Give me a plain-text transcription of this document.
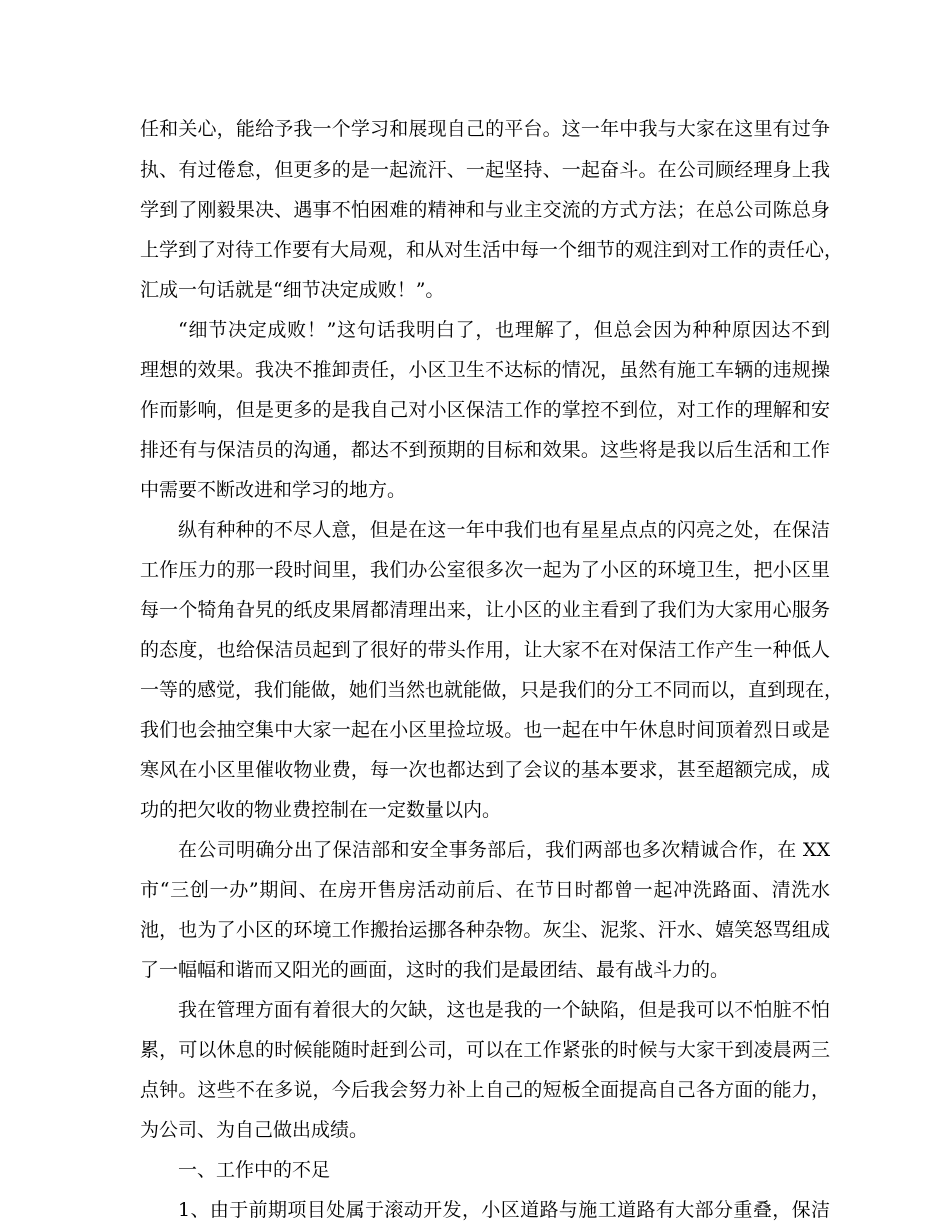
任和关心，能给予我一个学习和展现自己的平台。这一年中我与大家在这里有过争
执、有过倦怠，但更多的是一起流汗、一起坚持、一起奋斗。在公司顾经理身上我
学到了刚毅果决、遇事不怕困难的精神和与业主交流的方式方法；在总公司陈总身
上学到了对待工作要有大局观，和从对生活中每一个细节的观注到对工作的责任心，
汇成一句话就是“细节决定成败！”。
“细节决定成败！”这句话我明白了，也理解了，但总会因为种种原因达不到
理想的效果。我决不推卸责任，小区卫生不达标的情况，虽然有施工车辆的违规操
作而影响，但是更多的是我自己对小区保洁工作的掌控不到位，对工作的理解和安
排还有与保洁员的沟通，都达不到预期的目标和效果。这些将是我以后生活和工作
中需要不断改进和学习的地方。
纵有种种的不尽人意，但是在这一年中我们也有星星点点的闪亮之处，在保洁
工作压力的那一段时间里，我们办公室很多次一起为了小区的环境卫生，把小区里
每一个犄角旮旯的纸皮果屑都清理出来，让小区的业主看到了我们为大家用心服务
的态度，也给保洁员起到了很好的带头作用，让大家不在对保洁工作产生一种低人
一等的感觉，我们能做，她们当然也就能做，只是我们的分工不同而以，直到现在，
我们也会抽空集中大家一起在小区里捡垃圾。也一起在中午休息时间顶着烈日或是
寒风在小区里催收物业费，每一次也都达到了会议的基本要求，甚至超额完成，成
功的把欠收的物业费控制在一定数量以内。
在公司明确分出了保洁部和安全事务部后，我们两部也多次精诚合作，在 XX
市“三创一办”期间、在房开售房活动前后、在节日时都曾一起冲洗路面、清洗水
池，也为了小区的环境工作搬抬运挪各种杂物。灰尘、泥浆、汗水、嬉笑怒骂组成
了一幅幅和谐而又阳光的画面，这时的我们是最团结、最有战斗力的。
我在管理方面有着很大的欠缺，这也是我的一个缺陷，但是我可以不怕脏不怕
累，可以休息的时候能随时赶到公司，可以在工作紧张的时候与大家干到凌晨两三
点钟。这些不在多说，今后我会努力补上自己的短板全面提高自己各方面的能力，
为公司、为自己做出成绩。
一、工作中的不足
1、由于前期项目处属于滚动开发，小区道路与施工道路有大部分重叠，保洁
